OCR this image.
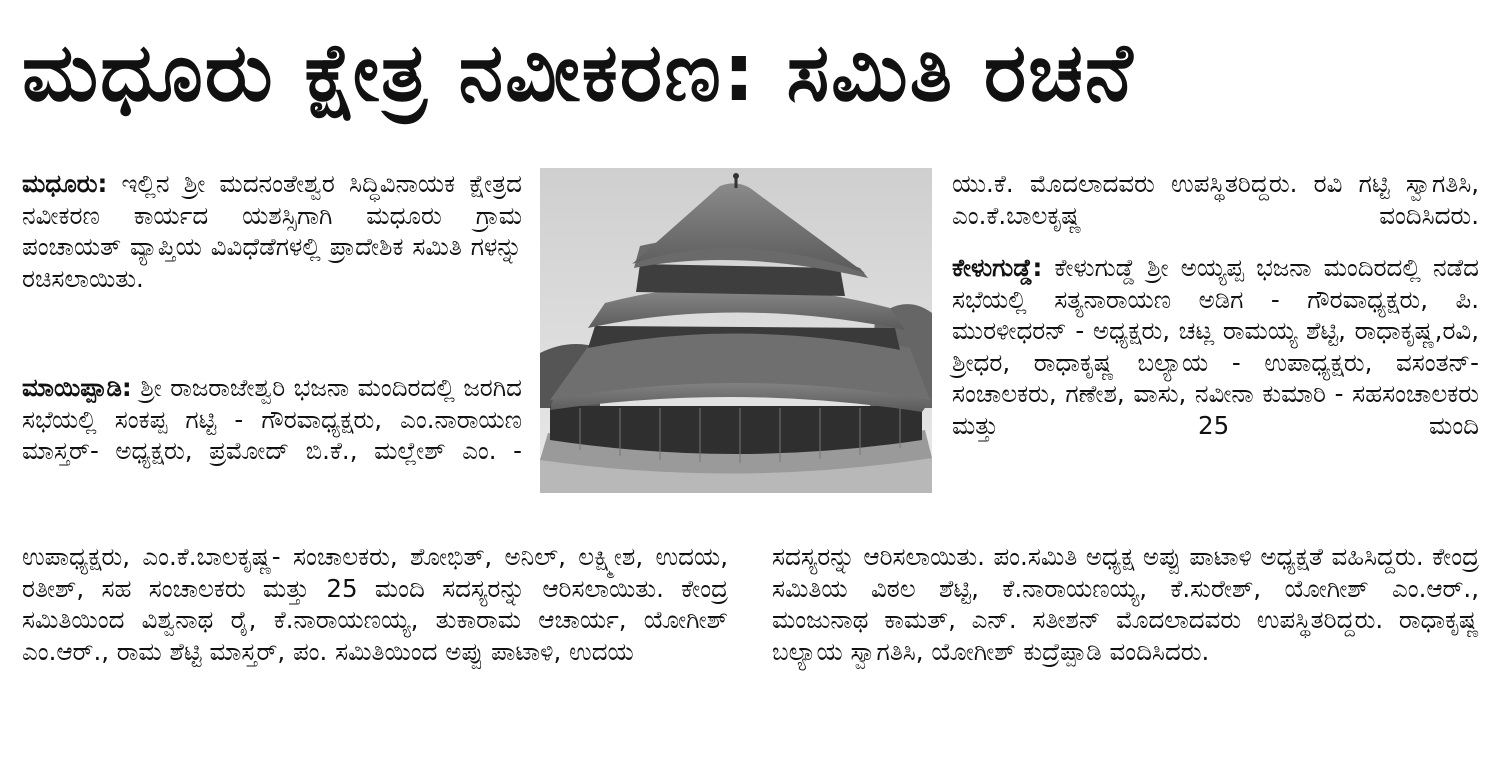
ಮಧೂರು ಕ್ಷೇತ್ರ ನವೀಕರಣ: ಸಮಿತಿ ರಚನೆ

ಮಧೂರು: ಇಲ್ಲಿನ ಶ್ರೀ ಮದನಂತೇಶ್ವರ ಸಿದ್ಧಿವಿನಾಯಕ ಕ್ಷೇತ್ರದ ನವೀಕರಣ ಕಾರ್ಯದ ಯಶಸ್ಸಿಗಾಗಿ ಮಧೂರು ಗ್ರಾಮ ಪಂಚಾಯತ್ ವ್ಯಾಪ್ತಿಯ ವಿವಿಧೆಡೆಗಳಲ್ಲಿ ಪ್ರಾದೇಶಿಕ ಸಮಿತಿ ಗಳನ್ನು ರಚಿಸಲಾಯಿತು.

ಮಾಯಿಪ್ಪಾಡಿ: ಶ್ರೀ ರಾಜರಾಜೇಶ್ವರಿ ಭಜನಾ ಮಂದಿರದಲ್ಲಿ ಜರಗಿದ ಸಭೆಯಲ್ಲಿ ಸಂಕಪ್ಪ ಗಟ್ಟಿ - ಗೌರವಾಧ್ಯಕ್ಷರು, ಎಂ.ನಾರಾಯಣ ಮಾಸ್ತರ್- ಅಧ್ಯಕ್ಷರು, ಪ್ರಮೋದ್ ಬಿ.ಕೆ., ಮಲ್ಲೇಶ್ ಎಂ. -

ಉಪಾಧ್ಯಕ್ಷರು, ಎಂ.ಕೆ.ಬಾಲಕೃಷ್ಣ- ಸಂಚಾಲಕರು, ಶೋಭಿತ್, ಅನಿಲ್, ಲಕ್ಷ್ಮೀಶ, ಉದಯ, ರತೀಶ್, ಸಹ ಸಂಚಾಲಕರು ಮತ್ತು 25 ಮಂದಿ ಸದಸ್ಯರನ್ನು ಆರಿಸಲಾಯಿತು. ಕೇಂದ್ರ ಸಮಿತಿಯಿಂದ ವಿಶ್ವನಾಥ ರೈ, ಕೆ.ನಾರಾಯಣಯ್ಯ, ತುಕಾರಾಮ ಆಚಾರ್ಯ, ಯೋಗೀಶ್ ಎಂ.ಆರ್., ರಾಮ ಶೆಟ್ಟಿ ಮಾಸ್ತರ್, ಪಂ. ಸಮಿತಿಯಿಂದ ಅಪ್ಪು ಪಾಟಾಳಿ, ಉದಯ

ಯು.ಕೆ. ಮೊದಲಾದವರು ಉಪಸ್ಥಿತರಿದ್ದರು. ರವಿ ಗಟ್ಟಿ ಸ್ವಾಗತಿಸಿ, ಎಂ.ಕೆ.ಬಾಲಕೃಷ್ಣ ವಂದಿಸಿದರು.

ಕೇಳುಗುಡ್ಡೆ: ಕೇಳುಗುಡ್ಡೆ ಶ್ರೀ ಅಯ್ಯಪ್ಪ ಭಜನಾ ಮಂದಿರದಲ್ಲಿ ನಡೆದ ಸಭೆಯಲ್ಲಿ ಸತ್ಯನಾರಾಯಣ ಅಡಿಗ - ಗೌರವಾಧ್ಯಕ್ಷರು, ಪಿ. ಮುರಳೀಧರನ್ - ಅಧ್ಯಕ್ಷರು, ಚಟ್ಲ ರಾಮಯ್ಯ ಶೆಟ್ಟಿ, ರಾಧಾಕೃಷ್ಣ,ರವಿ, ಶ್ರೀಧರ, ರಾಧಾಕೃಷ್ಣ ಬಲ್ಯಾಯ - ಉಪಾಧ್ಯಕ್ಷರು, ವಸಂತನ್-ಸಂಚಾಲಕರು, ಗಣೇಶ, ವಾಸು, ನವೀನಾ ಕುಮಾರಿ - ಸಹಸಂಚಾಲಕರು ಮತ್ತು 25 ಮಂದಿ

ಸದಸ್ಯರನ್ನು ಆರಿಸಲಾಯಿತು. ಪಂ.ಸಮಿತಿ ಅಧ್ಯಕ್ಷ ಅಪ್ಪು ಪಾಟಾಳಿ ಅಧ್ಯಕ್ಷತೆ ವಹಿಸಿದ್ದರು. ಕೇಂದ್ರ ಸಮಿತಿಯ ವಿಠಲ ಶೆಟ್ಟಿ, ಕೆ.ನಾರಾಯಣಯ್ಯ, ಕೆ.ಸುರೇಶ್, ಯೋಗೀಶ್ ಎಂ.ಆರ್., ಮಂಜುನಾಥ ಕಾಮತ್, ಎನ್. ಸತೀಶನ್ ಮೊದಲಾದವರು ಉಪಸ್ಥಿತರಿದ್ದರು. ರಾಧಾಕೃಷ್ಣ ಬಲ್ಯಾಯ ಸ್ವಾಗತಿಸಿ, ಯೋಗೀಶ್ ಕುದ್ರೆಪ್ಪಾಡಿ ವಂದಿಸಿದರು.
